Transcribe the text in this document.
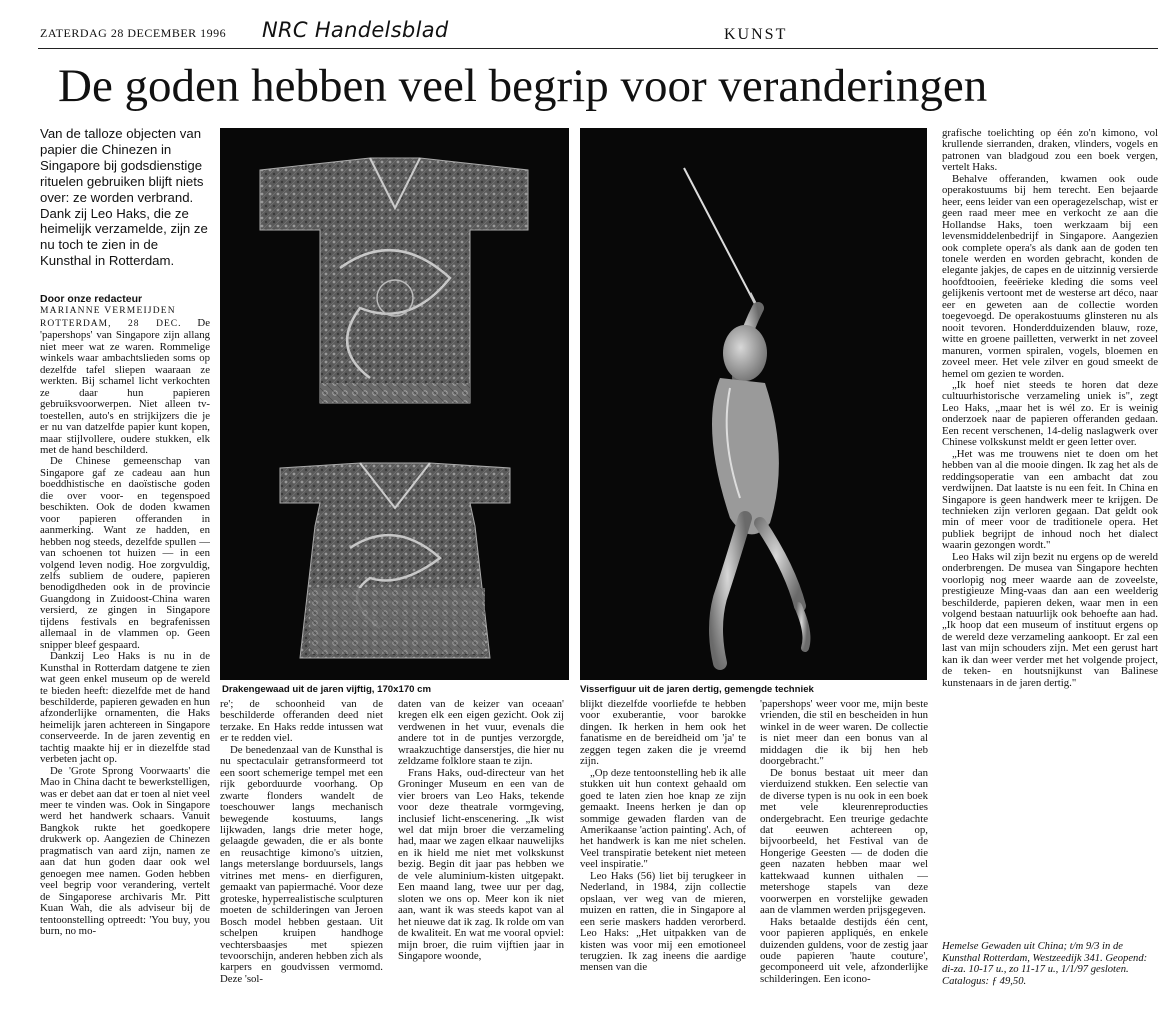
ZATERDAG 28 DECEMBER 1996 NRC Handelsblad	KUNST
De goden hebben veel begrip voor veranderingen
Van de talloze objecten van papier die Chinezen in Singapore bij godsdienstige rituelen gebruiken blijft niets over: ze worden verbrand. Dank zij Leo Haks, die ze heimelijk verzamelde, zijn ze nu toch te zien in de Kunsthal in Rotterdam.
Door onze redacteur
MARIANNE VERMEIJDEN

ROTTERDAM, 28 DEC. De 'papershops' van Singapore zijn allang niet meer wat ze waren. Rommelige winkels waar ambachtslieden soms op dezelfde tafel sliepen waaraan ze werkten. Bij schamel licht verkochten ze daar hun papieren gebruiksvoorwerpen. Niet alleen tv-toestellen, auto's en strijkijzers die je er nu van datzelfde papier kunt kopen, maar stijlvollere, oudere stukken, elk met de hand beschilderd.

De Chinese gemeenschap van Singapore gaf ze cadeau aan hun boeddhistische en daoïstische goden die over voor- en tegenspoed beschikten. Ook de doden kwamen voor papieren offeranden in aanmerking. Want ze hadden, en hebben nog steeds, dezelfde spullen — van schoenen tot huizen — in een volgend leven nodig. Hoe zorgvuldig, zelfs subliem de oudere, papieren benodigdheden ook in de provincie Guangdong in Zuidoost-China waren versierd, ze gingen in Singapore tijdens festivals en begrafenissen allemaal in de vlammen op. Geen snipper bleef gespaard.

Dankzij Leo Haks is nu in de Kunsthal in Rotterdam datgene te zien wat geen enkel museum op de wereld te bieden heeft: diezelfde met de hand beschilderde, papieren gewaden en hun afzonderlijke ornamenten, die Haks heimelijk jaren achtereen in Singapore conserveerde. In de jaren zeventig en tachtig maakte hij er in diezelfde stad verbeten jacht op.

De 'Grote Sprong Voorwaarts' die Mao in China dacht te bewerkstelligen, was er debet aan dat er toen al niet veel meer te vinden was. Ook in Singapore werd het handwerk schaars. Vanuit Bangkok rukte het goedkopere drukwerk op. Aangezien de Chinezen pragmatisch van aard zijn, namen ze aan dat hun goden daar ook wel genoegen mee namen. Goden hebben veel begrip voor verandering, vertelt de Singaporese archivaris Mr. Pitt Kuan Wah, die als adviseur bij de tentoonstelling optreedt: 'You buy, you burn, no mo-

Drakengewaad uit de jaren vijftig, 170x170 cm	Visserfiguur uit de jaren dertig, gemengde techniek

re'; de schoonheid van de beschilderde offeranden deed niet terzake. En Haks redde intussen wat er te redden viel.

De benedenzaal van de Kunsthal is nu spectaculair getransformeerd tot een soort schemerige tempel met een rijk geborduurde voorhang. Op zwarte flonders wandelt de toeschouwer langs mechanisch bewegende kostuums, langs lijkwaden, langs drie meter hoge, gelaagde gewaden, die er als bonte en reusachtige kimono's uitzien, langs meterslange borduursels, langs vitrines met mens- en dierfiguren, gemaakt van papiermaché. Voor deze groteske, hyperrealistische sculpturen moeten de schilderingen van Jeroen Bosch model hebben gestaan. Uit schelpen kruipen handhoge vechtersbaasjes met spiezen tevoorschijn, anderen hebben zich als karpers en goudvissen vermomd. Deze 'sol-

daten van de keizer van oceaan' kregen elk een eigen gezicht. Ook zij verdwenen in het vuur, evenals die andere tot in de puntjes verzorgde, wraakzuchtige danserstjes, die hier nu zeldzame folklore staan te zijn.

Frans Haks, oud-directeur van het Groninger Museum en een van de vier broers van Leo Haks, tekende voor deze theatrale vormgeving, inclusief licht-enscenering. „Ik wist wel dat mijn broer die verzameling had, maar we zagen elkaar nauwelijks en ik hield me niet met volkskunst bezig. Begin dit jaar pas hebben we de vele aluminium-kisten uitgepakt. Een maand lang, twee uur per dag, sloten we ons op. Meer kon ik niet aan, want ik was steeds kapot van al het nieuwe dat ik zag. Ik rolde om van de kwaliteit. En wat me vooral opviel: mijn broer, die ruim vijftien jaar in Singapore woonde,

blijkt diezelfde voorliefde te hebben voor exuberantie, voor barokke dingen. Ik herken in hem ook het fanatisme en de bereidheid om 'ja' te zeggen tegen zaken die je vreemd zijn.

„Op deze tentoonstelling heb ik alle stukken uit hun context gehaald om goed te laten zien hoe knap ze zijn gemaakt. Ineens herken je dan op sommige gewaden flarden van de Amerikaanse 'action painting'. Ach, of het handwerk is kan me niet schelen. Veel transpiratie betekent niet meteen veel inspiratie."

Leo Haks (56) liet bij terugkeer in Nederland, in 1984, zijn collectie opslaan, ver weg van de mieren, muizen en ratten, die in Singapore al een serie maskers hadden verorberd. Leo Haks: „Het uitpakken van de kisten was voor mij een emotioneel terugzien. Ik zag ineens die aardige mensen van die

'papershops' weer voor me, mijn beste vrienden, die stil en bescheiden in hun winkel in de weer waren. De collectie is niet meer dan een bonus van al middagen die ik bij hen heb doorgebracht."

De bonus bestaat uit meer dan vierduizend stukken. Een selectie van de diverse typen is nu ook in een boek met vele kleurenreproducties ondergebracht. Een treurige gedachte dat eeuwen achtereen op, bijvoorbeeld, het Festival van de Hongerige Geesten — de doden die geen nazaten hebben maar wel kattekwaad kunnen uithalen — metershoge stapels van deze voorwerpen en vorstelijke gewaden aan de vlammen werden prijsgegeven.

Haks betaalde destijds één cent, voor papieren appliqués, en enkele duizenden guldens, voor de zestig jaar oude papieren 'haute couture', gecomponeerd uit vele, afzonderlijke schilderingen. Een icono-

grafische toelichting op één zo'n kimono, vol krullende sierranden, draken, vlinders, vogels en patronen van bladgoud zou een boek vergen, vertelt Haks.

Behalve offeranden, kwamen ook oude operakostuums bij hem terecht. Een bejaarde heer, eens leider van een operagezelschap, wist er geen raad meer mee en verkocht ze aan die Hollandse Haks, toen werkzaam bij een levensmiddelenbedrijf in Singapore. Aangezien ook complete opera's als dank aan de goden ten tonele werden en worden gebracht, konden de elegante jakjes, de capes en de uitzinnig versierde hoofdtooien, feeërieke kleding die soms veel gelijkenis vertoont met de westerse art déco, naar eer en geweten aan de collectie worden toegevoegd. De operakostuums glinsteren nu als nooit tevoren. Honderdduizenden blauw, roze, witte en groene pailletten, verwerkt in net zoveel manuren, vormen spiralen, vogels, bloemen en zoveel meer. Het vele zilver en goud smeekt de hemel om gezien te worden.

„Ik hoef niet steeds te horen dat deze cultuurhistorische verzameling uniek is", zegt Leo Haks, „maar het is wél zo. Er is weinig onderzoek naar de papieren offeranden gedaan. Een recent verschenen, 14-delig naslagwerk over Chinese volkskunst meldt er geen letter over.

„Het was me trouwens niet te doen om het hebben van al die mooie dingen. Ik zag het als de reddingsoperatie van een ambacht dat zou verdwijnen. Dat laatste is nu een feit. In China en Singapore is geen handwerk meer te krijgen. De technieken zijn verloren gegaan. Dat geldt ook min of meer voor de traditionele opera. Het publiek begrijpt de inhoud noch het dialect waarin gezongen wordt."

Leo Haks wil zijn bezit nu ergens op de wereld onderbrengen. De musea van Singapore hechten voorlopig nog meer waarde aan de zoveelste, prestigieuze Ming-vaas dan aan een weelderig beschilderde, papieren deken, waar men in een volgend bestaan natuurlijk ook behoefte aan had. „Ik hoop dat een museum of instituut ergens op de wereld deze verzameling aankoopt. Er zal een last van mijn schouders zijn. Met een gerust hart kan ik dan weer verder met het volgende project, de teken- en houtsnijkunst van Balinese kunstenaars in de jaren dertig."

Hemelse Gewaden uit China; t/m 9/3 in de Kunsthal Rotterdam, Westzeedijk 341. Geopend: di-za. 10-17 u., zo 11-17 u., 1/1/97 gesloten. Catalogus: ƒ 49,50.
